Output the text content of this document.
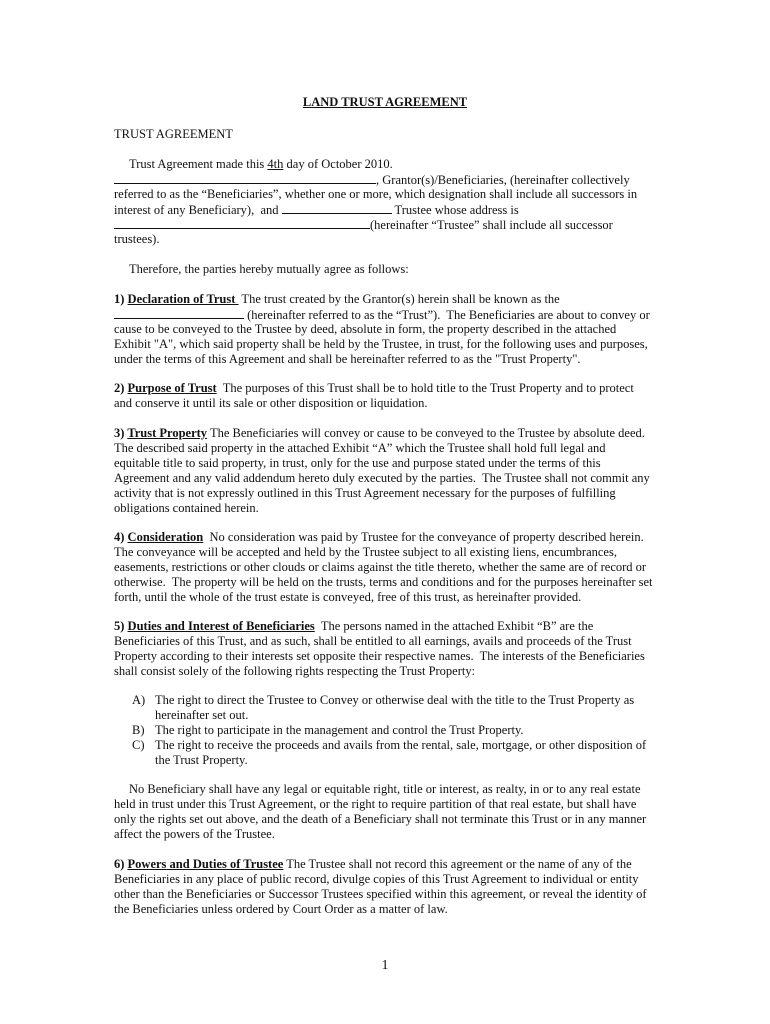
LAND TRUST AGREEMENT
TRUST AGREEMENT
Trust Agreement made this 4th day of October 2010.
, Grantor(s)/Beneficiaries, (hereinafter collectively
referred to as the “Beneficiaries”, whether one or more, which designation shall include all successors in
interest of any Beneficiary),  and	Trustee whose address is
(hereinafter “Trustee” shall include all successor
trustees).
Therefore, the parties hereby mutually agree as follows:
1) Declaration of Trust  The trust created by the Grantor(s) herein shall be known as the
(hereinafter referred to as the “Trust”).  The Beneficiaries are about to convey or
cause to be conveyed to the Trustee by deed, absolute in form, the property described in the attached
Exhibit "A", which said property shall be held by the Trustee, in trust, for the following uses and purposes,
under the terms of this Agreement and shall be hereinafter referred to as the "Trust Property".
2) Purpose of Trust  The purposes of this Trust shall be to hold title to the Trust Property and to protect
and conserve it until its sale or other disposition or liquidation.
3) Trust Property The Beneficiaries will convey or cause to be conveyed to the Trustee by absolute deed.
The described said property in the attached Exhibit “A” which the Trustee shall hold full legal and
equitable title to said property, in trust, only for the use and purpose stated under the terms of this
Agreement and any valid addendum hereto duly executed by the parties.  The Trustee shall not commit any
activity that is not expressly outlined in this Trust Agreement necessary for the purposes of fulfilling
obligations contained herein.
4) Consideration  No consideration was paid by Trustee for the conveyance of property described herein.
The conveyance will be accepted and held by the Trustee subject to all existing liens, encumbrances,
easements, restrictions or other clouds or claims against the title thereto, whether the same are of record or
otherwise.  The property will be held on the trusts, terms and conditions and for the purposes hereinafter set
forth, until the whole of the trust estate is conveyed, free of this trust, as hereinafter provided.
5) Duties and Interest of Beneficiaries  The persons named in the attached Exhibit “B” are the
Beneficiaries of this Trust, and as such, shall be entitled to all earnings, avails and proceeds of the Trust
Property according to their interests set opposite their respective names.  The interests of the Beneficiaries
shall consist solely of the following rights respecting the Trust Property:
A) The right to direct the Trustee to Convey or otherwise deal with the title to the Trust Property as
hereinafter set out.
B) The right to participate in the management and control the Trust Property.
C) The right to receive the proceeds and avails from the rental, sale, mortgage, or other disposition of
the Trust Property.
No Beneficiary shall have any legal or equitable right, title or interest, as realty, in or to any real estate
held in trust under this Trust Agreement, or the right to require partition of that real estate, but shall have
only the rights set out above, and the death of a Beneficiary shall not terminate this Trust or in any manner
affect the powers of the Trustee.
6) Powers and Duties of Trustee The Trustee shall not record this agreement or the name of any of the
Beneficiaries in any place of public record, divulge copies of this Trust Agreement to individual or entity
other than the Beneficiaries or Successor Trustees specified within this agreement, or reveal the identity of
the Beneficiaries unless ordered by Court Order as a matter of law.
1
